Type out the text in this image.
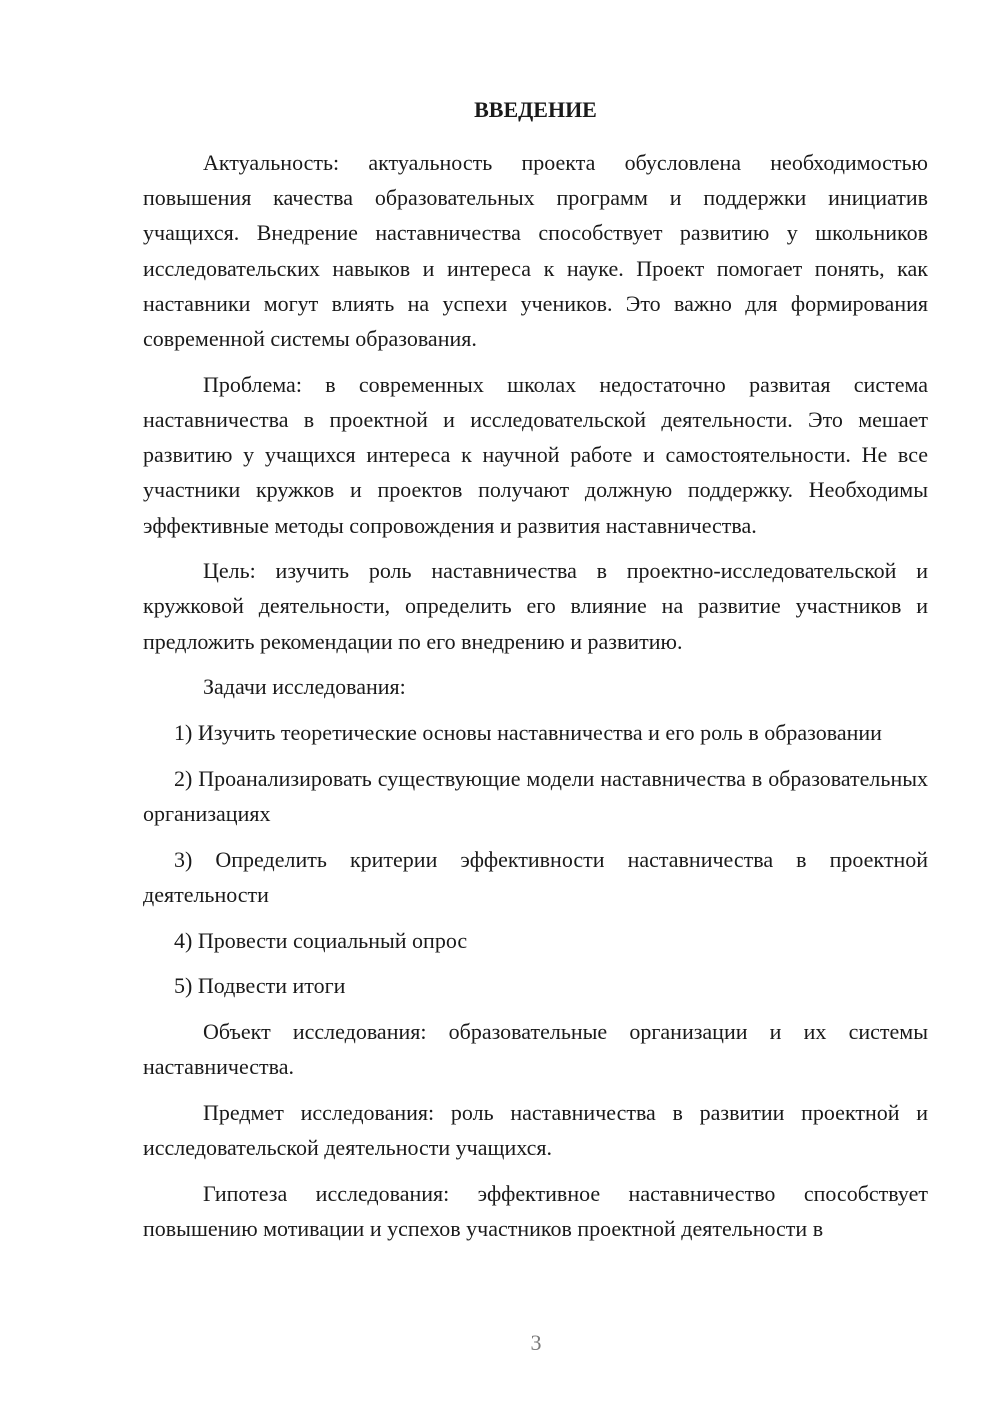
ВВЕДЕНИЕ

Актуальность: актуальность проекта обусловлена необходимостью повышения качества образовательных программ и поддержки инициатив учащихся. Внедрение наставничества способствует развитию у школьников исследовательских навыков и интереса к науке. Проект помогает понять, как наставники могут влиять на успехи учеников. Это важно для формирования современной системы образования.

Проблема: в современных школах недостаточно развитая система наставничества в проектной и исследовательской деятельности. Это мешает развитию у учащихся интереса к научной работе и самостоятельности. Не все участники кружков и проектов получают должную поддержку. Необходимы эффективные методы сопровождения и развития наставничества.

Цель: изучить роль наставничества в проектно-исследовательской и кружковой деятельности, определить его влияние на развитие участников и предложить рекомендации по его внедрению и развитию.

Задачи исследования:

1) Изучить теоретические основы наставничества и его роль в образовании

2) Проанализировать существующие модели наставничества в образовательных организациях

3) Определить критерии эффективности наставничества в проектной деятельности

4) Провести социальный опрос

5) Подвести итоги

Объект исследования: образовательные организации и их системы наставничества.

Предмет исследования: роль наставничества в развитии проектной и исследовательской деятельности учащихся.

Гипотеза исследования: эффективное наставничество способствует повышению мотивации и успехов участников проектной деятельности в

3
